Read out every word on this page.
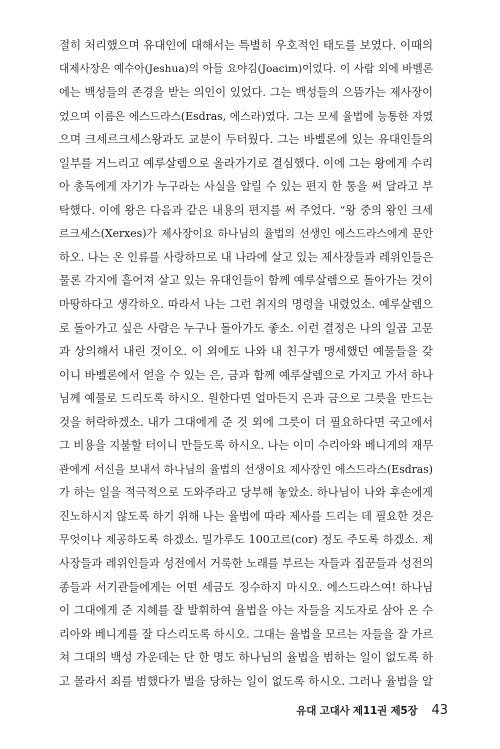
절히 처리했으며 유대인에 대해서는 특별히 우호적인 태도를 보였다. 이때의
대제사장은 예수아(Jeshua)의 아들 요야김(Joacim)이었다. 이 사람 외에 바벨론
에는 백성들의 존경을 받는 의인이 있었다. 그는 백성들의 으뜸가는 제사장이
었으며 이름은 에스드라스(Esdras, 에스라)였다. 그는 모세 율법에 능통한 자였
으며 크세르크세스왕과도 교분이 두터웠다. 그는 바벨론에 있는 유대인들의
일부를 거느리고 예루살렘으로 올라가기로 결심했다. 이에 그는 왕에게 수리
아 총독에게 자기가 누구라는 사실을 알릴 수 있는 편지 한 통을 써 달라고 부
탁했다. 이에 왕은 다음과 같은 내용의 편지를 써 주었다. “왕 중의 왕인 크세
르크세스(Xerxes)가 제사장이요 하나님의 율법의 선생인 에스드라스에게 문안
하오. 나는 온 인류를 사랑하므로 내 나라에 살고 있는 제사장들과 레위인들은
물론 각지에 흩어져 살고 있는 유대인들이 함께 예루살렘으로 돌아가는 것이
마땅하다고 생각하오. 따라서 나는 그런 취지의 명령을 내렸었소. 예루살렘으
로 돌아가고 싶은 사람은 누구나 돌아가도 좋소. 이런 결정은 나의 일곱 고문
과 상의해서 내린 것이오. 이 외에도 나와 내 친구가 맹세했던 예물들을 갖
이니 바벨론에서 얻을 수 있는 은, 금과 함께 예루살렘으로 가지고 가서 하나
님께 예물로 드리도록 하시오. 원한다면 얼마든지 은과 금으로 그릇을 만드는
것을 허락하겠소. 내가 그대에게 준 것 외에 그릇이 더 필요하다면 국고에서
그 비용을 지불할 터이니 만들도록 하시오. 나는 이미 수리아와 베니게의 재무
관에게 서신을 보내서 하나님의 율법의 선생이요 제사장인 에스드라스(Esdras)
가 하는 일을 적극적으로 도와주라고 당부해 놓았소. 하나님이 나와 후손에게
진노하시지 않도록 하기 위해 나는 율법에 따라 제사를 드리는 데 필요한 것은
무엇이나 제공하도록 하겠소. 밀가루도 100고르(cor) 정도 주도록 하겠소. 제
사장들과 레위인들과 성전에서 거룩한 노래를 부르는 자들과 집꾼들과 성전의
종들과 서기관들에게는 어떤 세금도 징수하지 마시오. 에스드라스여! 하나님
이 그대에게 준 지혜를 잘 발휘하여 율법을 아는 자들을 지도자로 삼아 온 수
리아와 베니게를 잘 다스리도록 하시오. 그대는 율법을 모르는 자들을 잘 가르
쳐 그대의 백성 가운데는 단 한 명도 하나님의 율법을 범하는 일이 없도록 하
고 몰라서 죄를 범했다가 벌을 당하는 일이 없도록 하시오. 그러나 율법을 알
유대 고대사 제11권 제5장 43
